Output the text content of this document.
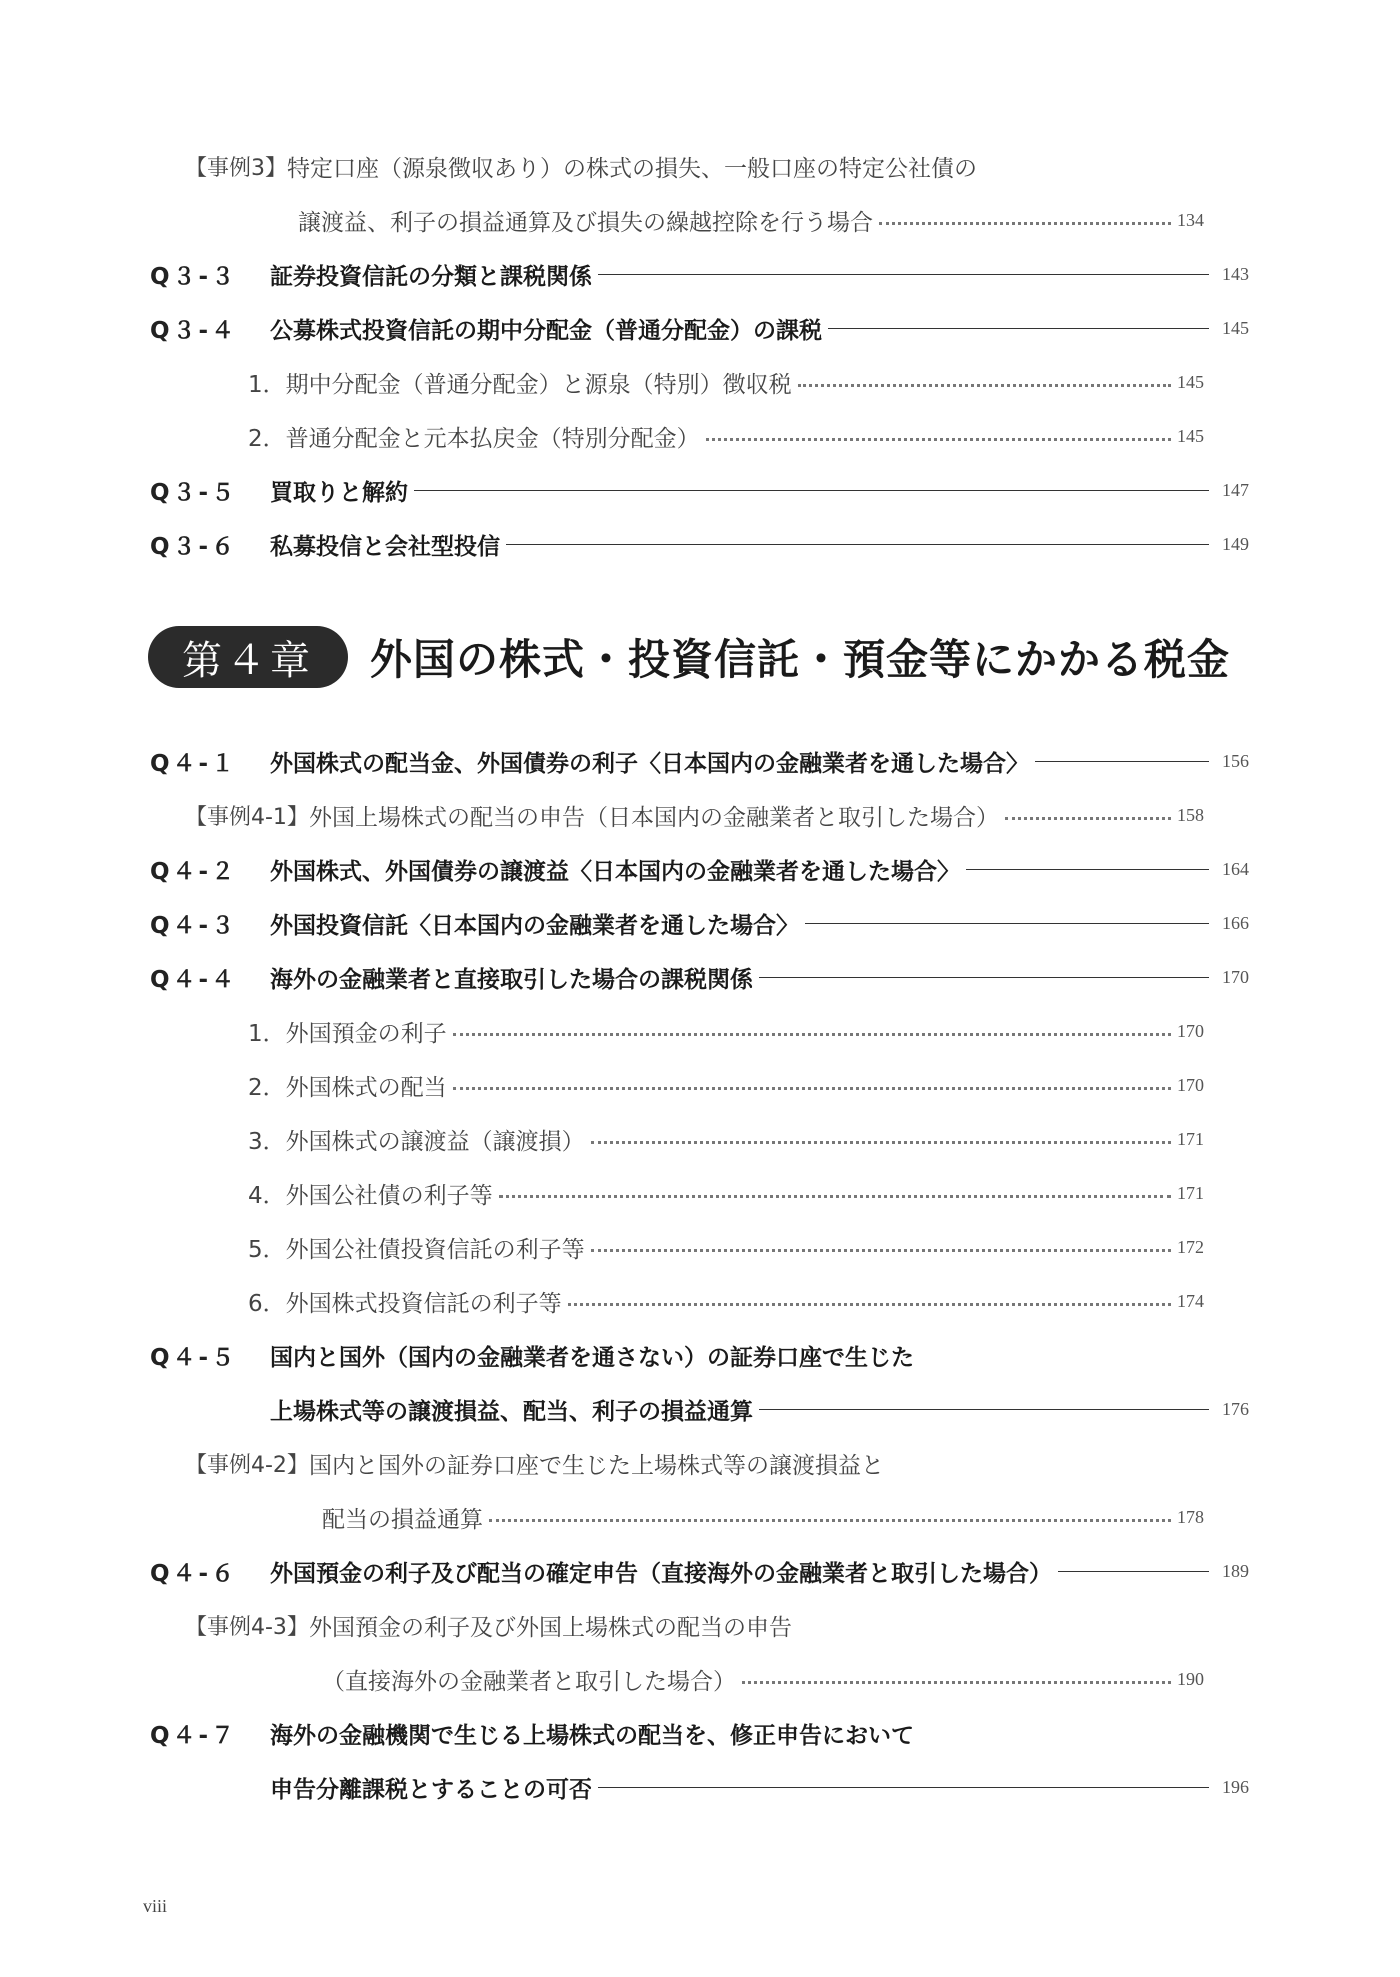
【事例3】 特定口座（源泉徴収あり）の株式の損失、一般口座の特定公社債の
譲渡益、利子の損益通算及び損失の繰越控除を行う場合	134
Q３-３ 証券投資信託の分類と課税関係	143
Q３-４ 公募株式投資信託の期中分配金（普通分配金）の課税	145
1．期中分配金（普通分配金）と源泉（特別）徴収税	145
2．普通分配金と元本払戻金（特別分配金）	145
Q３-５ 買取りと解約	147
Q３-６ 私募投信と会社型投信	149
第４章	外国の株式・投資信託・預金等にかかる税金
Q４-１ 外国株式の配当金、外国債券の利子〈日本国内の金融業者を通した場合〉	156
【事例4-1】 外国上場株式の配当の申告（日本国内の金融業者と取引した場合）	158
Q４-２ 外国株式、外国債券の譲渡益〈日本国内の金融業者を通した場合〉	164
Q４-３ 外国投資信託〈日本国内の金融業者を通した場合〉	166
Q４-４ 海外の金融業者と直接取引した場合の課税関係	170
1．外国預金の利子	170
2．外国株式の配当	170
3．外国株式の譲渡益（譲渡損）	171
4．外国公社債の利子等	171
5．外国公社債投資信託の利子等	172
6．外国株式投資信託の利子等	174
Q４-５ 国内と国外（国内の金融業者を通さない）の証券口座で生じた
上場株式等の譲渡損益、配当、利子の損益通算	176
【事例4-2】 国内と国外の証券口座で生じた上場株式等の譲渡損益と
配当の損益通算	178
Q４-６ 外国預金の利子及び配当の確定申告（直接海外の金融業者と取引した場合）	189
【事例4-3】 外国預金の利子及び外国上場株式の配当の申告
（直接海外の金融業者と取引した場合）	190
Q４-７ 海外の金融機関で生じる上場株式の配当を、修正申告において
申告分離課税とすることの可否	196
viii
